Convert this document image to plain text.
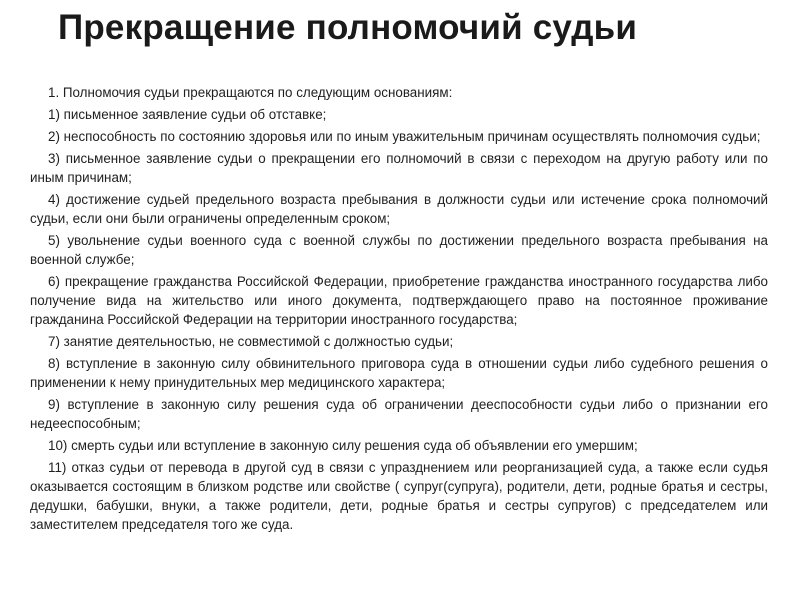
Прекращение полномочий судьи

1. Полномочия судьи прекращаются по следующим основаниям:

1) письменное заявление судьи об отставке;

2) неспособность по состоянию здоровья или по иным уважительным причинам осуществлять полномочия судьи;

3) письменное заявление судьи о прекращении его полномочий в связи с переходом на другую работу или по иным причинам;

4) достижение судьей предельного возраста пребывания в должности судьи или истечение срока полномочий судьи, если они были ограничены определенным сроком;

5) увольнение судьи военного суда с военной службы по достижении предельного возраста пребывания на военной службе;

6) прекращение гражданства Российской Федерации, приобретение гражданства иностранного государства либо получение вида на жительство или иного документа, подтверждающего право на постоянное проживание гражданина Российской Федерации на территории иностранного государства;

7) занятие деятельностью, не совместимой с должностью судьи;

8) вступление в законную силу обвинительного приговора суда в отношении судьи либо судебного решения о применении к нему принудительных мер медицинского характера;

9) вступление в законную силу решения суда об ограничении дееспособности судьи либо о признании его недееспособным;

10) смерть судьи или вступление в законную силу решения суда об объявлении его умершим;

11) отказ судьи от перевода в другой суд в связи с упразднением или реорганизацией суда, а также если судья оказывается состоящим в близком родстве или свойстве ( супруг(супруга), родители, дети, родные братья и сестры, дедушки, бабушки, внуки, а также родители, дети, родные братья и сестры супругов) с председателем или заместителем председателя того же суда.
